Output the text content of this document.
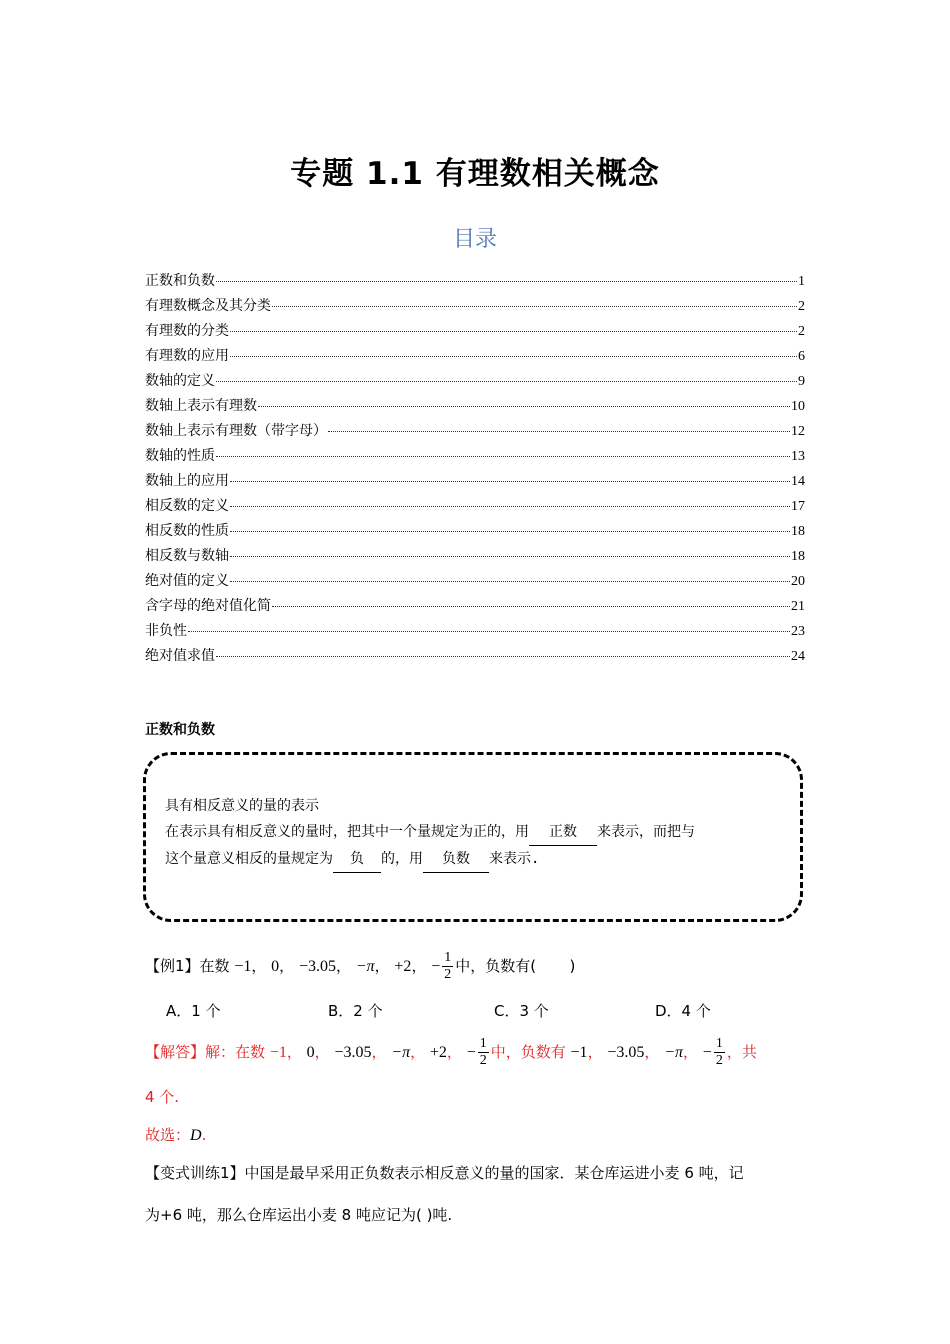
专题 1.1 有理数相关概念
目录
正数和负数	1
有理数概念及其分类	2
有理数的分类	2
有理数的应用	6
数轴的定义	9
数轴上表示有理数	10
数轴上表示有理数（带字母）	12
数轴的性质	13
数轴上的应用	14
相反数的定义	17
相反数的性质	18
相反数与数轴	18
绝对值的定义	20
含字母的绝对值化简	21
非负性	23
绝对值求值	24
正数和负数
具有相反意义的量的表示
在表示具有相反意义的量时，把其中一个量规定为正的，用 正数 来表示，而把与
这个量意义相反的量规定为 负 的，用 负数 来表示.
【例1】在数 −1， 0， −3.05， −π， +2， − $\frac{1}{2}$ 中，负数有( )
A．1 个	B．2 个	C．3 个	D．4 个
【解答】解：在数 −1， 0， −3.05， −π， +2， − $\frac{1}{2}$ 中，负数有 −1， −3.05， −π， − $\frac{1}{2}$ ，共
4 个.
故选：D.
【变式训练1】中国是最早采用正负数表示相反意义的量的国家．某仓库运进小麦 6 吨，记
为+6 吨，那么仓库运出小麦 8 吨应记为( )吨.
